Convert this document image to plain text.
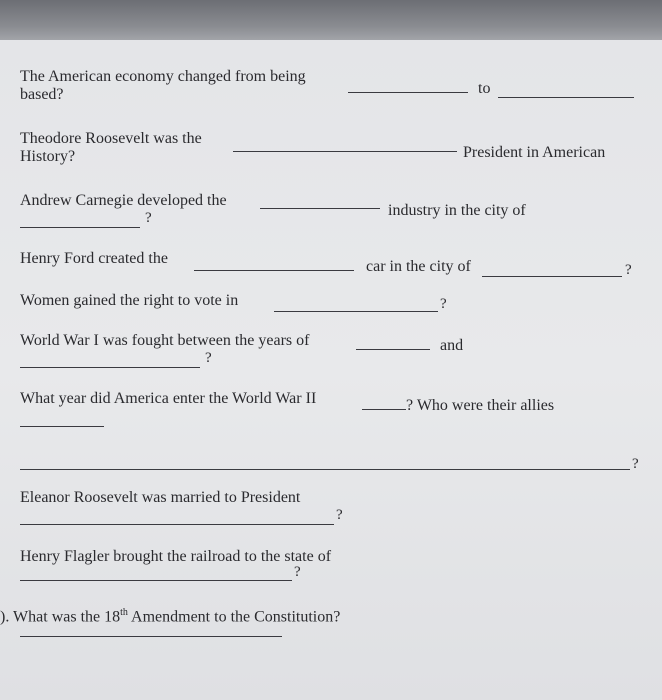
The American economy changed from being
to
based?
Theodore Roosevelt was the
President in American
History?
Andrew Carnegie developed the
industry in the city of
?
Henry Ford created the	car in the city of	?
Women gained the right to vote in	?
World War I was fought between the years of	and
?
What year did America enter the World War II	? Who were their allies
?
Eleanor Roosevelt was married to President
?
Henry Flagler brought the railroad to the state of
?
). What was the 18th Amendment to the Constitution?
